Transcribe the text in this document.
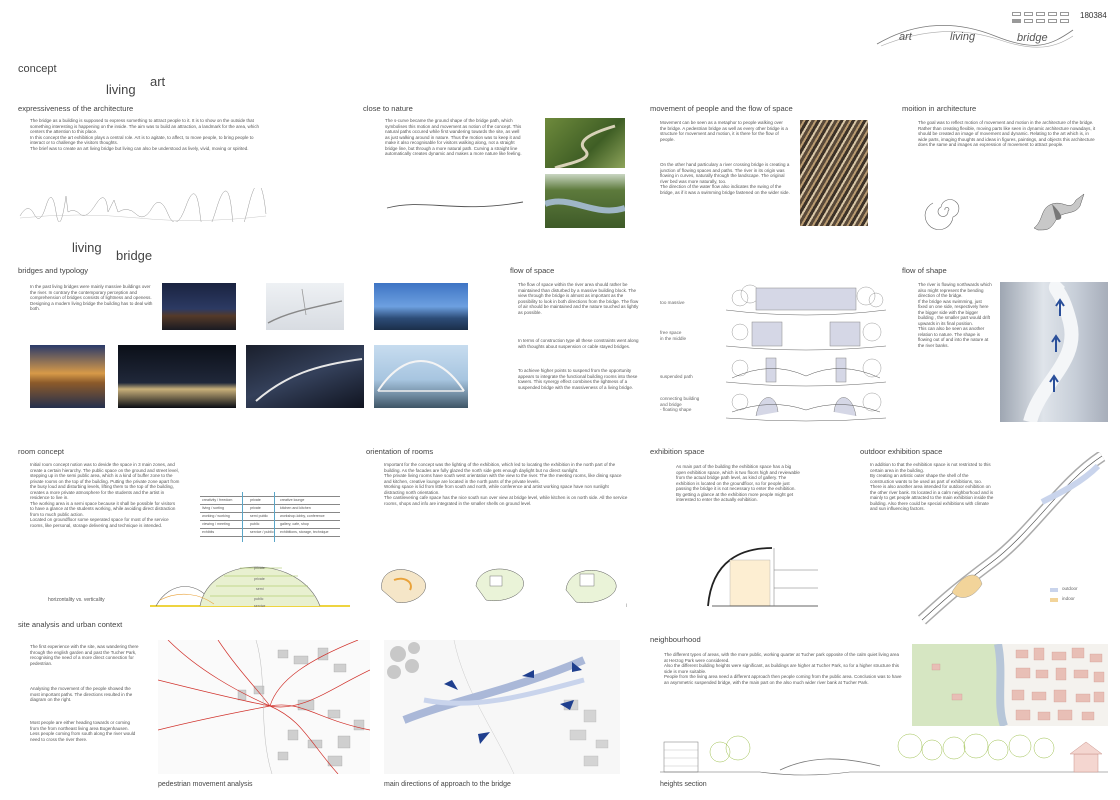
180384
art	living	bridge
concept
living
art
expressiveness of the architecture
The bridge as a building is supposed to express something to attract people to it. It is to show on the outside that something interesting is happening on the inside. The aim was to build an attraction, a landmark for the area, which centers the attention to this place.
In this concept the art exhibition plays a central role. Art is to agitate, to affect, to move people, to bring people to interact or to challenge the visitors thoughts.
The brief was to create an art living bridge but living can also be understood as lively, vivid, moving or spirited.
close to nature
The s-curve became the ground shape of the bridge path, which symbolises this motion and movement as notion of the concept. This natural paths occured while first wandering towards the site, as well as just walking around in nature. Thus the motion was to keep it and make it also recognisable for visitors walking along, not a straight bridge line, but through a more natural path. Curving a straight line automatically creates dynamic and makes a more nature like feeling.
movement of people and the flow of space
Movement can be seen as a metaphor to people walking over the bridge. A pedestrian bridge as well as every other bridge is a structure for movement and motion, it is there for the flow of people.
On the other hand particulary a river crossing bridge is creating a junction of flowing spaces and paths. The river in its origin was flowing in curves, naturally through the landscape. The original river bed was more naturally, too.
The direction of the water flow also indicates the swing of the bridge, as if it was a swimming bridge fastened on the wider side.
moition in architecture
The goal was to reflect motion of movement and motion in the architecture of the bridge.
Rather than creating flexible, moving parts like seen in dynamic architecture nowadays, it should be created an image of movement and dynamic. Relating to the art which is, in wide parts, imaging thoughts and ideas in figures, paintings, and objects this architecture does the same and images an expression of movement to attract people.
living
bridge
bridges and typology
In the past living bridges were mainly massive buildings over the river. In contrary the contemporary perception and comprehension of bridges consists of lightness and openess. Designing a modern living bridge the building has to deal with both.
flow of space
The flow of space within the river area should rather be maintained than disturbed by a massive building block. The view through the bridge is almost as important as the possibility to look in both directions from the bridge. The flow of air should be maintained and the nature touched as lightly as possible.
In terms of construction type all these constraints went along with thoughts about suspension or cable stayed bridges.
To achieve higher points to suspend from the opportunity appears to integrate the functional building rooms into these towers. This synergy effect combines the lightness of a suspended bridge with the massiveness of a living bridge.
too massive
free space
in the middle
suspended path
connecting building
and bridge
- floating shape
flow of shape
The river is flowing northwards which also might represent the bending direction of the bridge.
If the bridge was swimming, just fixed on one side, respectively here the bigger side with the bigger building , the smaller part would drift upwards in its final position.
This can also be seen as another relation to nature. The shape is flowing out of and into the nature at the river banks.
room concept
Initial room concept notion was to devide the space in 3 main zones, and create a certain hierarchy. The public space on the ground and street level, stepping up in the semi public area, which is a kind of buffer zone to the private rooms on the top of the building. Putting the private zone apart from the busy loud and disturbing levels, lifting them to the top of the building, creates a more private atmosphere for the students and the artist in residence to live in.
The working area is a semi space because it shall be possible for visitors to have a glance at the students working, while avoiding direct distraction from to much public action.
Located on groundfloor some seperated space for most of the service rooms, like personal, storage delivering and technique is intended.
creativity / freedom	private	creative lounge
living / sorting	private	kitchen and kitchen
working / working	semi public	workshop-lobby, conference
viewing / meeting	public	gallery, cafe, shop
exhibits	service / public exhibitions, storage, technique
private
private
semi
public
service
horizontality vs. verticality
orientation of rooms
Important for the concept was the lighting of the exhibition, which led to locating the exhibition in the north part of the building. As the facades are fully glazed the north side gets enough daylight but no direct sunlight.
The private living rooms have south west orientation with the view to the river. The the meeting rooms, like dining space and kitchen, creative lounge are located in the north parts of the private levels.
Working space is lid from little from south and north, while conference and artist working space have non sunlight distracting north orientation.
The cantilevering cafe space has the nice south sun over view at bridge level, while kitchen is on north side. All the service rooms, shops and info are integrated in the smaller shells on ground level.
exhibition space
As main part of the building the exhibition space has a big open exhibition space, which is two floors high and reviewable from the actual bridge path level, as kind of gallery. The exhibition is located on the groundfloor, so for people just passing the bridge it is not necessary to enter the exhibition. By getting a glance at the exhibition more people might get interested to enter the actually exhibition.
outdoor exhibition space
In addition to that the exhibition space is not restricted to this certain area in the building.
By creating an artistic outer shape the shell of the construction wants to be used as part of exhibitions, too.
There is also another area intended for outdoor exhibition on the other river bank. Its located in a calm neighborhood and is mainly to get people attracted to the main exhibition inside the building. Also there could be special exhibitions with climate and sun influencing factors.
outdoor
indoor
site analysis and urban context
The first experience with the site, was wandering there through the english garden and past the Tucher Park, recognising the need of a more direct connection for pedestrian.
Analysing the movement of the people showed the most important paths. The directions resulted in the diagram on the right.
Most people are either heading towards or coming from the from northeast living area Bogenhausen.
Less people coming from south along the river would need to cross the river there.
pedestrian movement analysis	main directions of approach to the bridge
neighbourhood
The different types of areas, with the more public, working quarter at Tucher park opposite of the calm quiet living area at Herzog Park were considered.
Also the different building heights were significant, as buildings are higher at Tucher Park, so for a higher structure this side is more suitable.
People from the living area need a different approach then people coming from the public area. Conclusion was to have an asymmetric suspended bridge, with the main part on the also much wider river bank at Tucher Park.
heights section
|
